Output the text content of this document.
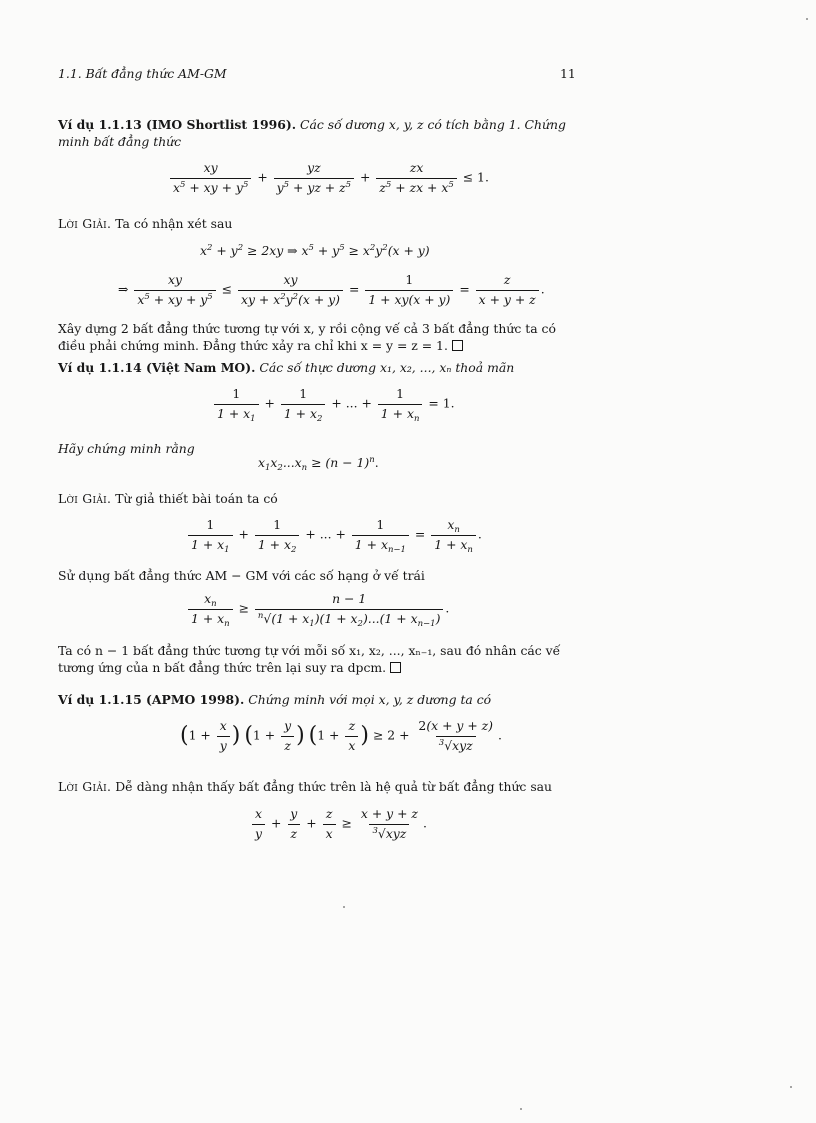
1.1. Bất đẳng thức AM-GM	11
Ví dụ 1.1.13 (IMO Shortlist 1996). Các số dương x, y, z có tích bằng 1. Chứng minh bất đẳng thức
$\frac{xy}{x^5 + xy + y^5} + \frac{yz}{y^5 + yz + z^5} + \frac{zx}{z^5 + zx + x^5} \le 1$.
Lời Giải. Ta có nhận xét sau
$x^2 + y^2 \ge 2xy$ ⇒ $x^5 + y^5 \ge x^2y^2(x + y)$
⇒ $\frac{xy}{x^5 + xy + y^5} \le \frac{xy}{xy + x^2y^2(x + y)} = \frac{1}{1 + xy(x + y)} = \frac{z}{x + y + z}$ .
Xây dựng 2 bất đẳng thức tương tự với x, y rồi cộng vế cả 3 bất đẳng thức ta có điều phải chứng minh. Đẳng thức xảy ra chỉ khi x = y = z = 1.
Ví dụ 1.1.14 (Việt Nam MO). Các số thực dương x₁, x₂, ..., xₙ thoả mãn
$\frac{1}{1 + x_1} + \frac{1}{1 + x_2}$ + ... + $\frac{1}{1 + x_n} = 1$.
Hãy chứng minh rằng
$x_1x_2...x_n \ge (n - 1)^n$.
Lời Giải. Từ giả thiết bài toán ta có
$\frac{1}{1 + x_1} + \frac{1}{1 + x_2}$ + ... + $\frac{1}{1 + x_{n-1}} = \frac{x_n}{1 + x_n}$ .
Sử dụng bất đẳng thức AM − GM với các số hạng ở vế trái
$\frac{x_n}{1 + x_n} \ge \frac{n - 1}{^n√(1 + x_1)(1 + x_2)...(1 + x_{n-1})}$ .
Ta có n − 1 bất đẳng thức tương tự với mỗi số x₁, x₂, ..., xₙ₋₁, sau đó nhân các vế tương ứng của n bất đẳng thức trên lại suy ra dpcm.
Ví dụ 1.1.15 (APMO 1998). Chứng minh với mọi x, y, z dương ta có
($1 + \frac{x}{y}$ ) ($1 + \frac{y}{z}$ ) ($1 + \frac{z}{x}$ ) ≥ $2 + \frac{2(x + y + z)}{^3√xyz}$ .
Lời Giải. Dễ dàng nhận thấy bất đẳng thức trên là hệ quả từ bất đẳng thức sau
$\frac{x}{y} + \frac{y}{z} + \frac{z}{x} \ge \frac{x + y + z}{^3√xyz}$ .
